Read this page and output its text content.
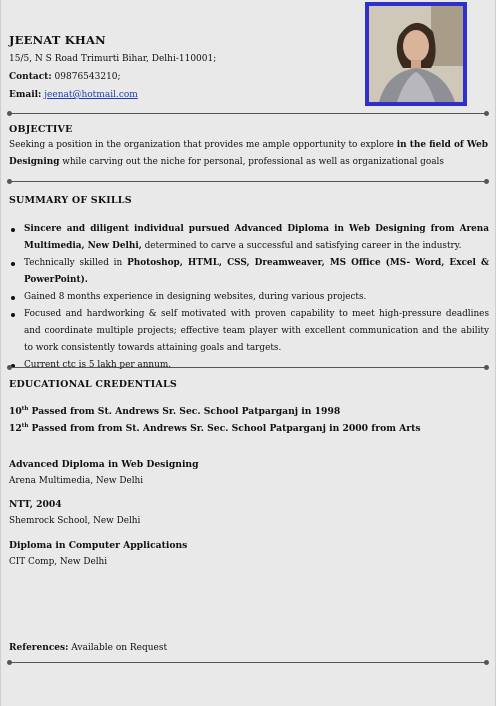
JEENAT KHAN
15/5, N S Road Trimurti Bihar, Delhi-110001;
Contact: 09876543210;
Email: jeenat@hotmail.com
OBJECTIVE
Seeking a position in the organization that provides me ample opportunity to explore in the field of Web Designing while carving out the niche for personal, professional as well as organizational goals
SUMMARY OF SKILLS
Sincere and diligent individual pursued Advanced Diploma in Web Designing from Arena Multimedia, New Delhi, determined to carve a successful and satisfying career in the industry.
Technically skilled in Photoshop, HTML, CSS, Dreamweaver, MS Office (MS- Word, Excel & PowerPoint).
Gained 8 months experience in designing websites, during various projects.
Focused and hardworking & self motivated with proven capability to meet high-pressure deadlines and coordinate multiple projects; effective team player with excellent communication and the ability to work consistently towards attaining goals and targets.
Current ctc is 5 lakh per annum.
EDUCATIONAL CREDENTIALS
10th Passed from St. Andrews Sr. Sec. School Patparganj in 1998
12th Passed from from St. Andrews Sr. Sec. School Patparganj in 2000 from Arts
Advanced Diploma in Web Designing
Arena Multimedia, New Delhi
NTT, 2004
Shemrock School, New Delhi
Diploma in Computer Applications
CIT Comp, New Delhi
References: Available on Request
